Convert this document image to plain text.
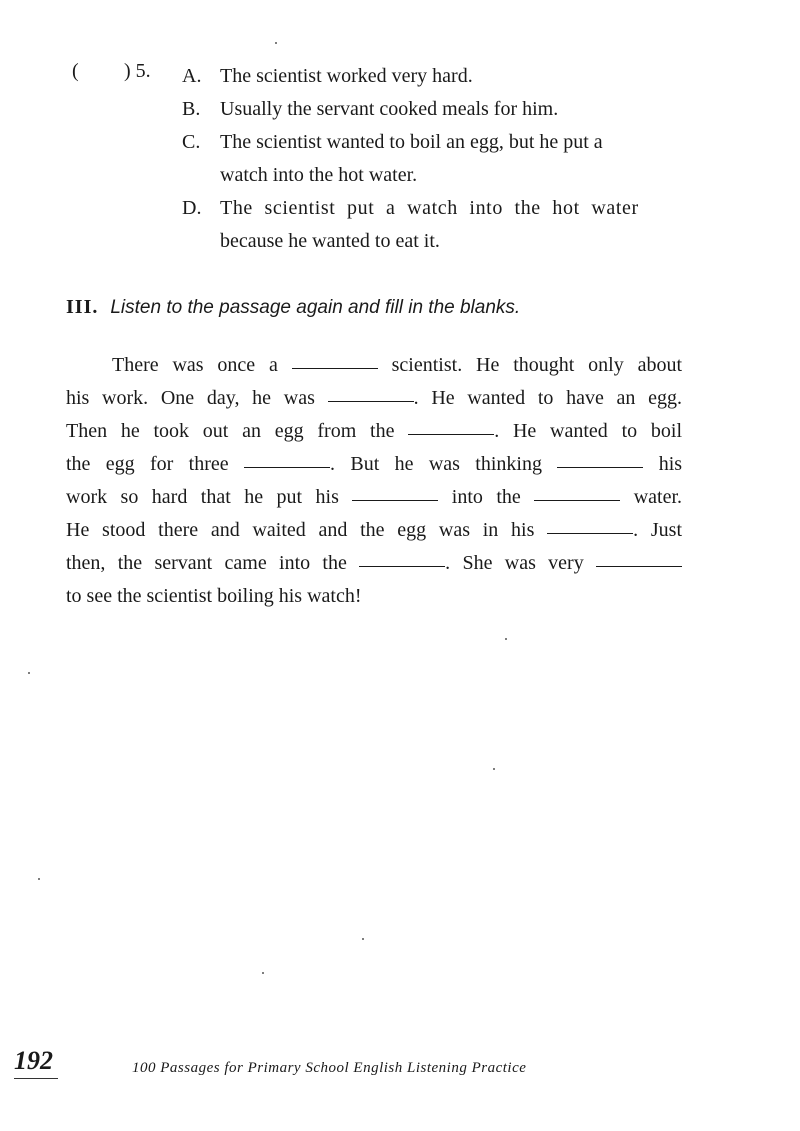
( ) 5. A. The scientist worked very hard.
B. Usually the servant cooked meals for him.
C. The scientist wanted to boil an egg, but he put a
watch into the hot water.
D. The scientist put a watch into the hot water
because he wanted to eat it.
III. Listen to the passage again and fill in the blanks.
There was once a	scientist. He thought only about
his work. One day, he was	. He wanted to have an egg.
Then he took out an egg from the	. He wanted to boil
the egg for three	. But he was thinking	his
work so hard that he put his	into the	water.
He stood there and waited and the egg was in his	. Just
then, the servant came into the	. She was very
to see the scientist boiling his watch!
192	100 Passages for Primary School English Listening Practice
